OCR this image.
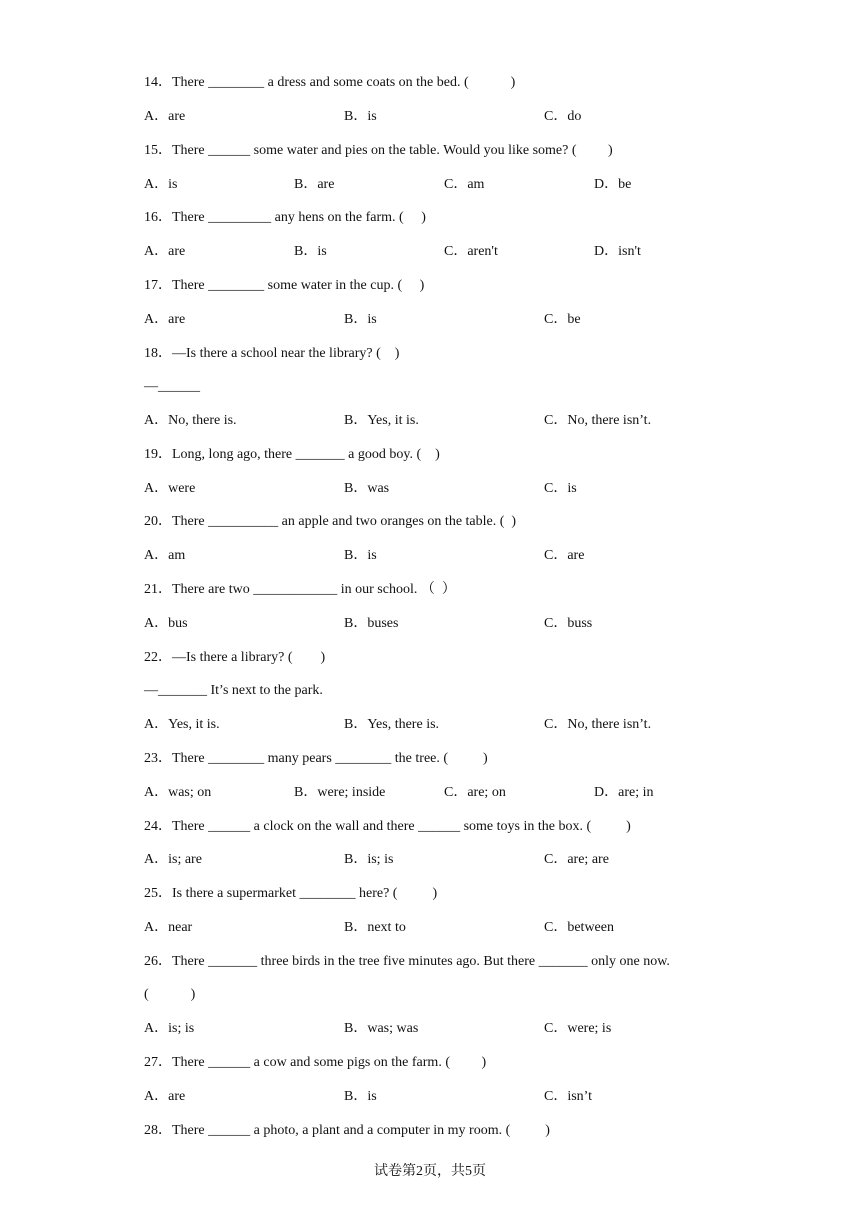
14．There ________ a dress and some coats on the bed. (            )
A．are	B．is	C．do
15．There ______ some water and pies on the table. Would you like some? (         )
A．is	B．are	C．am	D．be
16．There _________ any hens on the farm. (     )
A．are	B．is	C．aren't	D．isn't
17．There ________ some water in the cup. (     )
A．are	B．is	C．be
18．—Is there a school near the library? (    )
—______
A．No, there is.	B．Yes, it is.	C．No, there isn’t.
19．Long, long ago, there _______ a good boy. (    )
A．were	B．was	C．is
20．There __________ an apple and two oranges on the table. (  )
A．am	B．is	C．are
21．There are two ____________ in our school. （  ）
A．bus	B．buses	C．buss
22．—Is there a library? (        )
—_______ It’s next to the park.
A．Yes, it is.	B．Yes, there is.	C．No, there isn’t.
23．There ________ many pears ________ the tree. (          )
A．was; on	B．were; inside	C．are; on	D．are; in
24．There ______ a clock on the wall and there ______ some toys in the box. (          )
A．is; are	B．is; is	C．are; are
25．Is there a supermarket ________ here? (          )
A．near	B．next to	C．between
26．There _______ three birds in the tree five minutes ago. But there _______ only one now.
(            )
A．is; is	B．was; was	C．were; is
27．There ______ a cow and some pigs on the farm. (         )
A．are	B．is	C．isn’t
28．There ______ a photo, a plant and a computer in my room. (          )
试卷第2页，共5页
